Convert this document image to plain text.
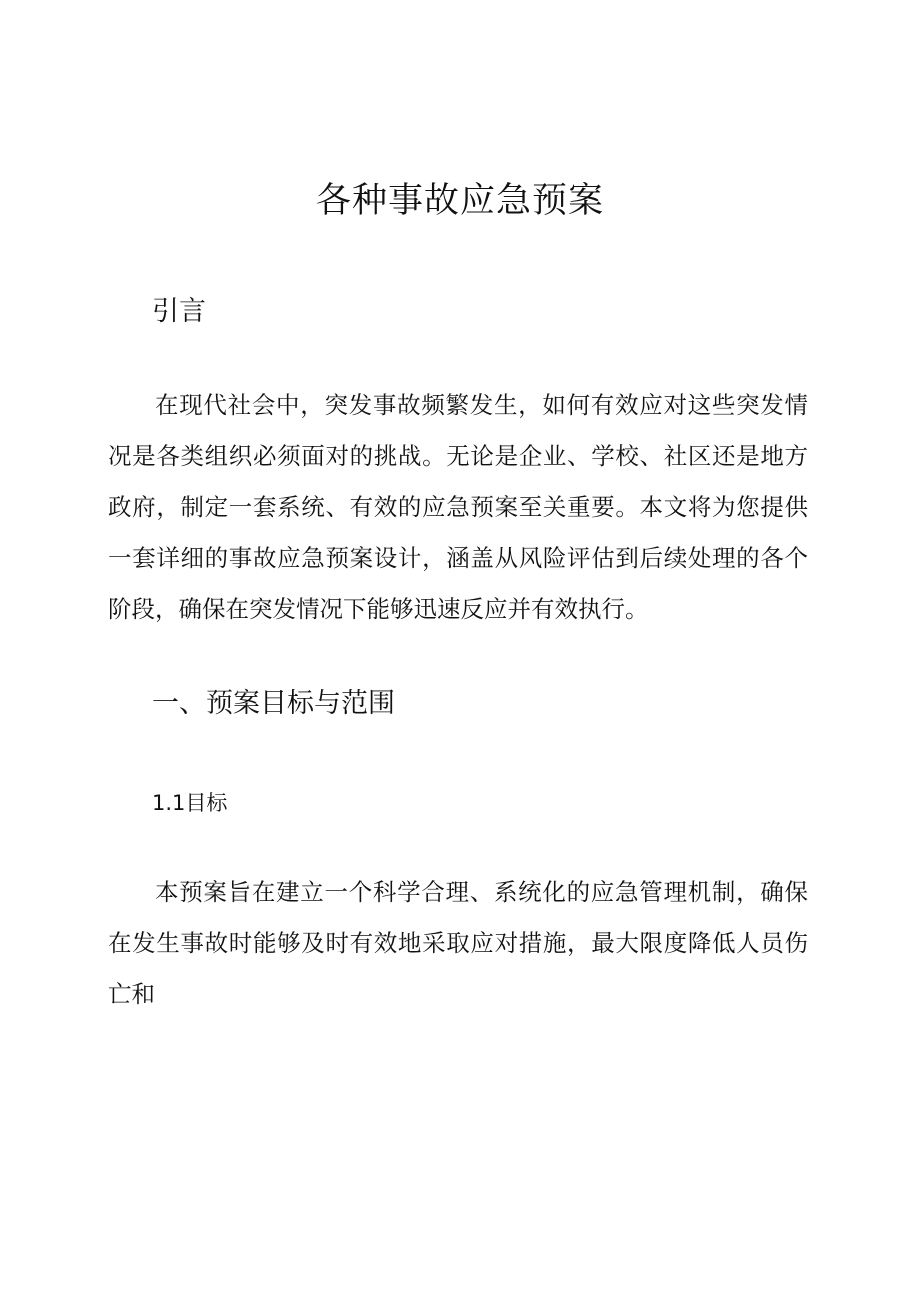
各种事故应急预案
引言

在现代社会中，突发事故频繁发生，如何有效应对这些突发情况是各类组织必须面对的挑战。无论是企业、学校、社区还是地方政府，制定一套系统、有效的应急预案至关重要。本文将为您提供一套详细的事故应急预案设计，涵盖从风险评估到后续处理的各个阶段，确保在突发情况下能够迅速反应并有效执行。

一、预案目标与范围
1.1目标

本预案旨在建立一个科学合理、系统化的应急管理机制，确保在发生事故时能够及时有效地采取应对措施，最大限度降低人员伤亡和
